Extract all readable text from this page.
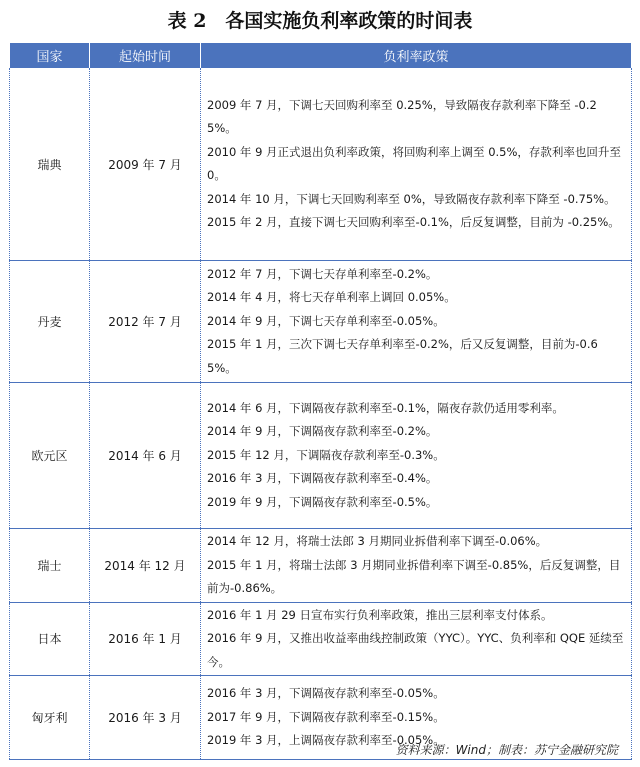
表 2　各国实施负利率政策的时间表
国家	起始时间	负利率政策
瑞典	2009 年 7 月	2009 年 7 月，下调七天回购利率至 0.25%，导致隔夜存款利率下降至 -0.25%。
2010 年 9 月正式退出负利率政策，将回购利率上调至 0.5%，存款利率也回升至 0。
2014 年 10 月，下调七天回购利率至 0%，导致隔夜存款利率下降至 -0.75%。
2015 年 2 月，直接下调七天回购利率至-0.1%，后反复调整，目前为 -0.25%。

丹麦	2012 年 7 月	2012 年 7 月，下调七天存单利率至-0.2%。
2014 年 4 月，将七天存单利率上调回 0.05%。
2014 年 9 月，下调七天存单利率至-0.05%。
2015 年 1 月，三次下调七天存单利率至-0.2%，后又反复调整，目前为-0.65%。

欧元区	2014 年 6 月	2014 年 6 月，下调隔夜存款利率至-0.1%，隔夜存款仍适用零利率。
2014 年 9 月，下调隔夜存款利率至-0.2%。
2015 年 12 月，下调隔夜存款利率至-0.3%。
2016 年 3 月，下调隔夜存款利率至-0.4%。
2019 年 9 月，下调隔夜存款利率至-0.5%。

瑞士	2014 年 12 月	2014 年 12 月，将瑞士法郎 3 月期同业拆借利率下调至-0.06%。
2015 年 1 月，将瑞士法郎 3 月期同业拆借利率下调至-0.85%，后反复调整，目前为-0.86%。

日本	2016 年 1 月	2016 年 1 月 29 日宣布实行负利率政策，推出三层利率支付体系。
2016 年 9 月，又推出收益率曲线控制政策（YYC）。YYC、负利率和 QQE 延续至今。

匈牙利	2016 年 3 月	2016 年 3 月，下调隔夜存款利率至-0.05%。
2017 年 9 月，下调隔夜存款利率至-0.15%。
2019 年 3 月，上调隔夜存款利率至-0.05%。
资料来源：Wind；制表：苏宁金融研究院
